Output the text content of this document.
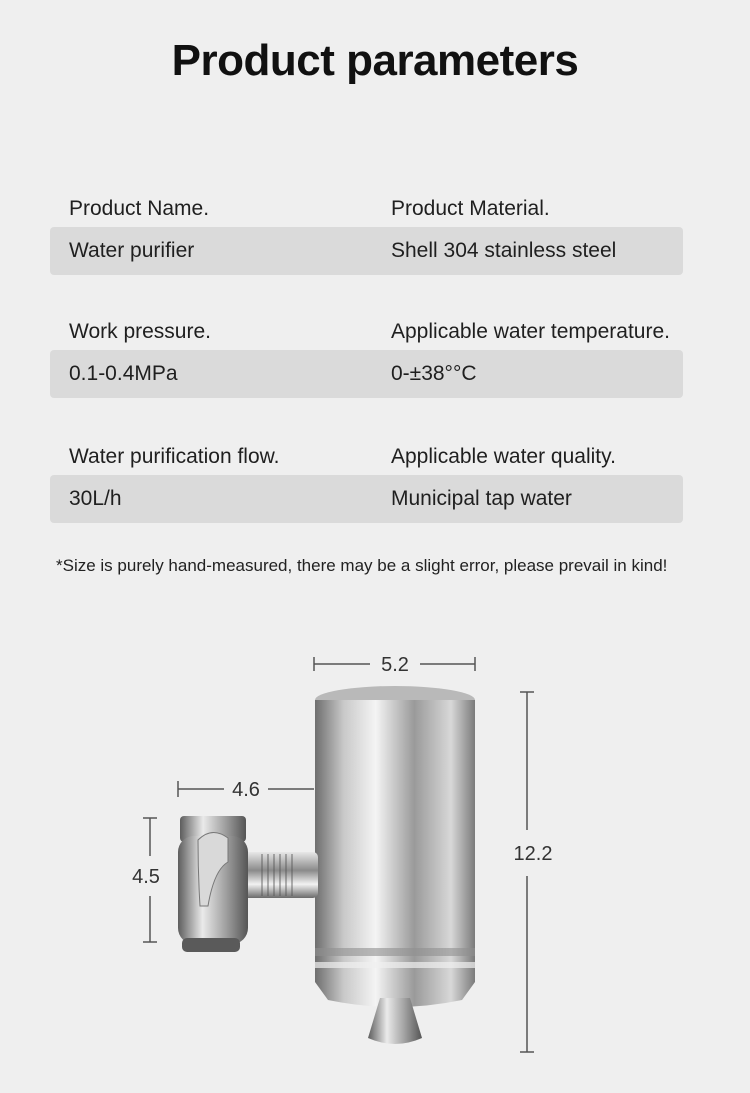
Product parameters
Product Name.	Product Material.
Water purifier	Shell 304 stainless steel
Work pressure.	Applicable water temperature.
0.1-0.4MPa	0-±38°°C
Water purification flow.	Applicable water quality.
30L/h	Municipal tap water
*Size is purely hand-measured, there may be a slight error, please prevail in kind!
5.2
12.2
4.6
4.5
